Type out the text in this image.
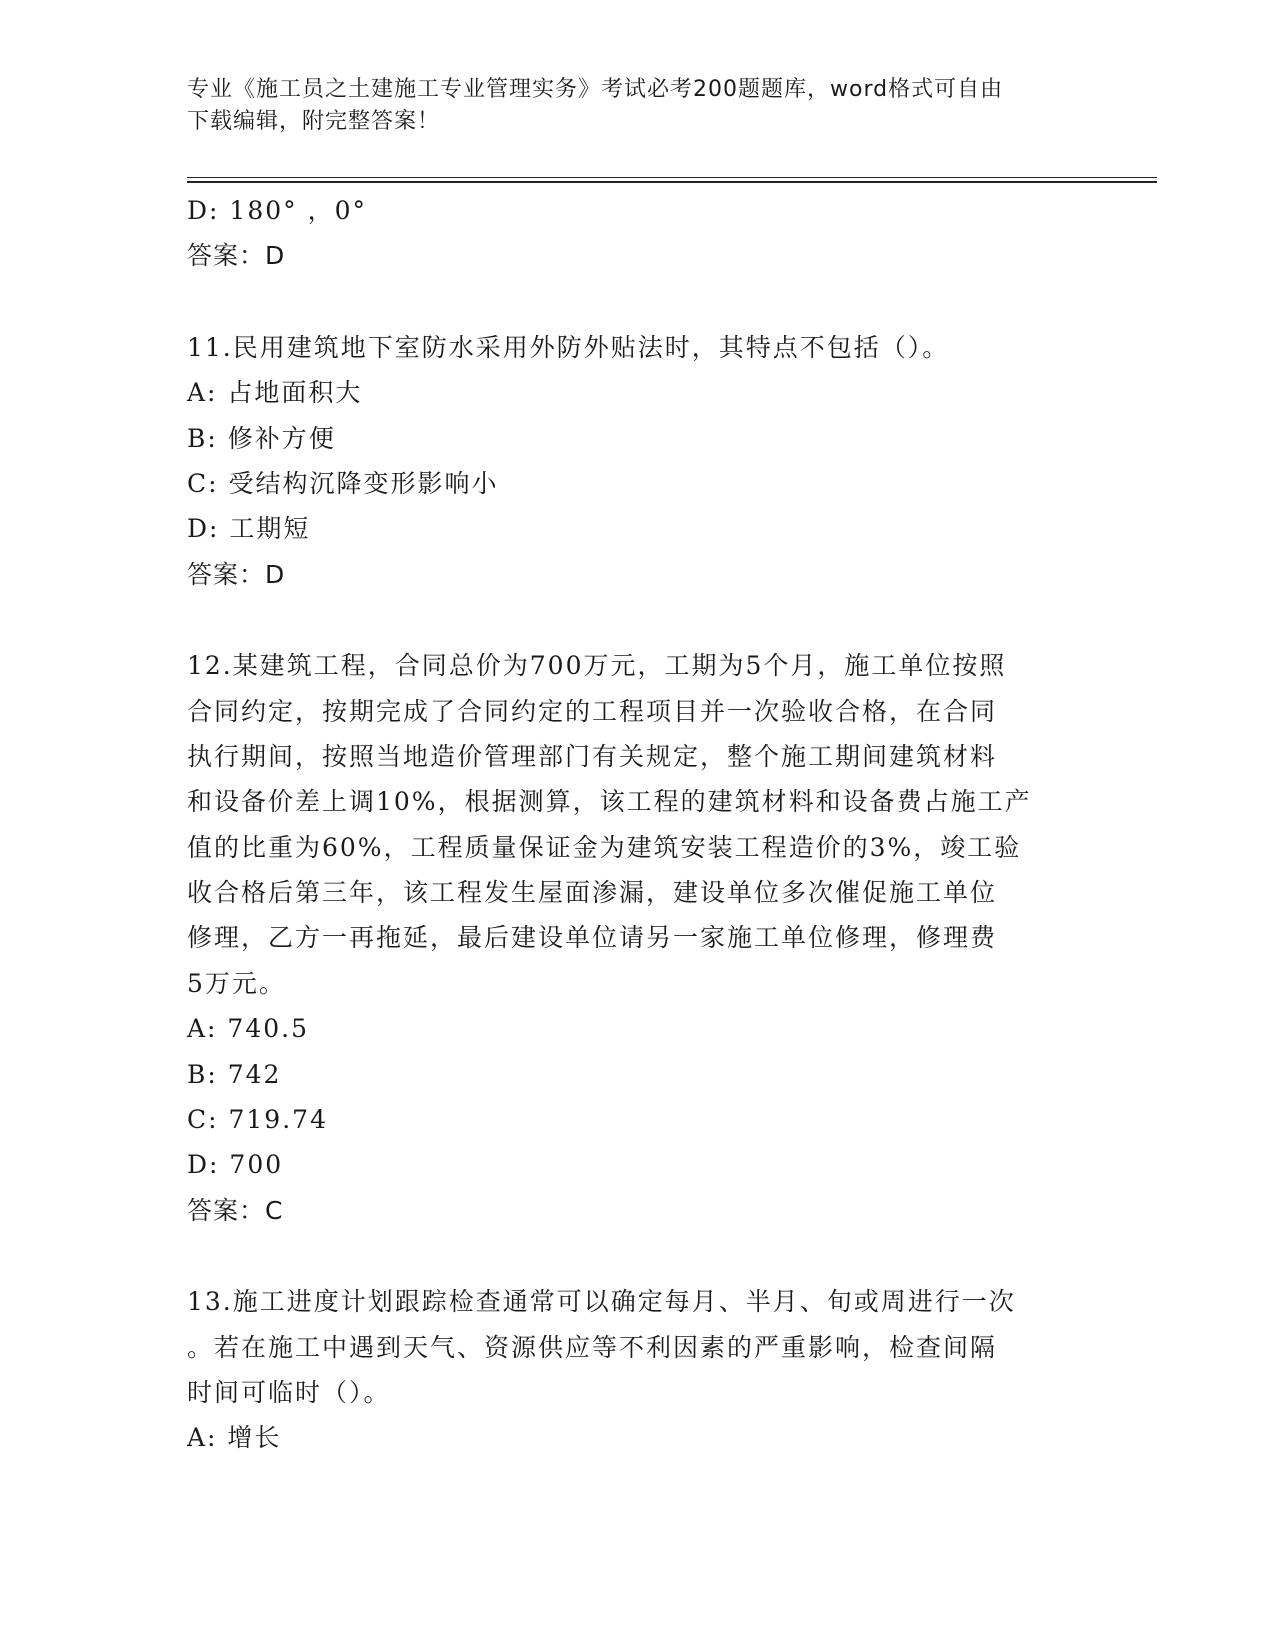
专业《施工员之土建施工专业管理实务》考试必考200题题库，word格式可自由
下载编辑，附完整答案！
D: 180° ，0°
答案：D
11.民用建筑地下室防水采用外防外贴法时，其特点不包括（）。
A: 占地面积大
B: 修补方便
C: 受结构沉降变形影响小
D: 工期短
答案：D
12.某建筑工程，合同总价为700万元，工期为5个月，施工单位按照
合同约定，按期完成了合同约定的工程项目并一次验收合格，在合同
执行期间，按照当地造价管理部门有关规定，整个施工期间建筑材料
和设备价差上调10%，根据测算，该工程的建筑材料和设备费占施工产
值的比重为60%，工程质量保证金为建筑安装工程造价的3%，竣工验
收合格后第三年，该工程发生屋面渗漏，建设单位多次催促施工单位
修理，乙方一再拖延，最后建设单位请另一家施工单位修理，修理费
5万元。
A: 740.5
B: 742
C: 719.74
D: 700
答案：C
13.施工进度计划跟踪检查通常可以确定每月、半月、旬或周进行一次
。若在施工中遇到天气、资源供应等不利因素的严重影响，检查间隔
时间可临时（）。
A: 增长
